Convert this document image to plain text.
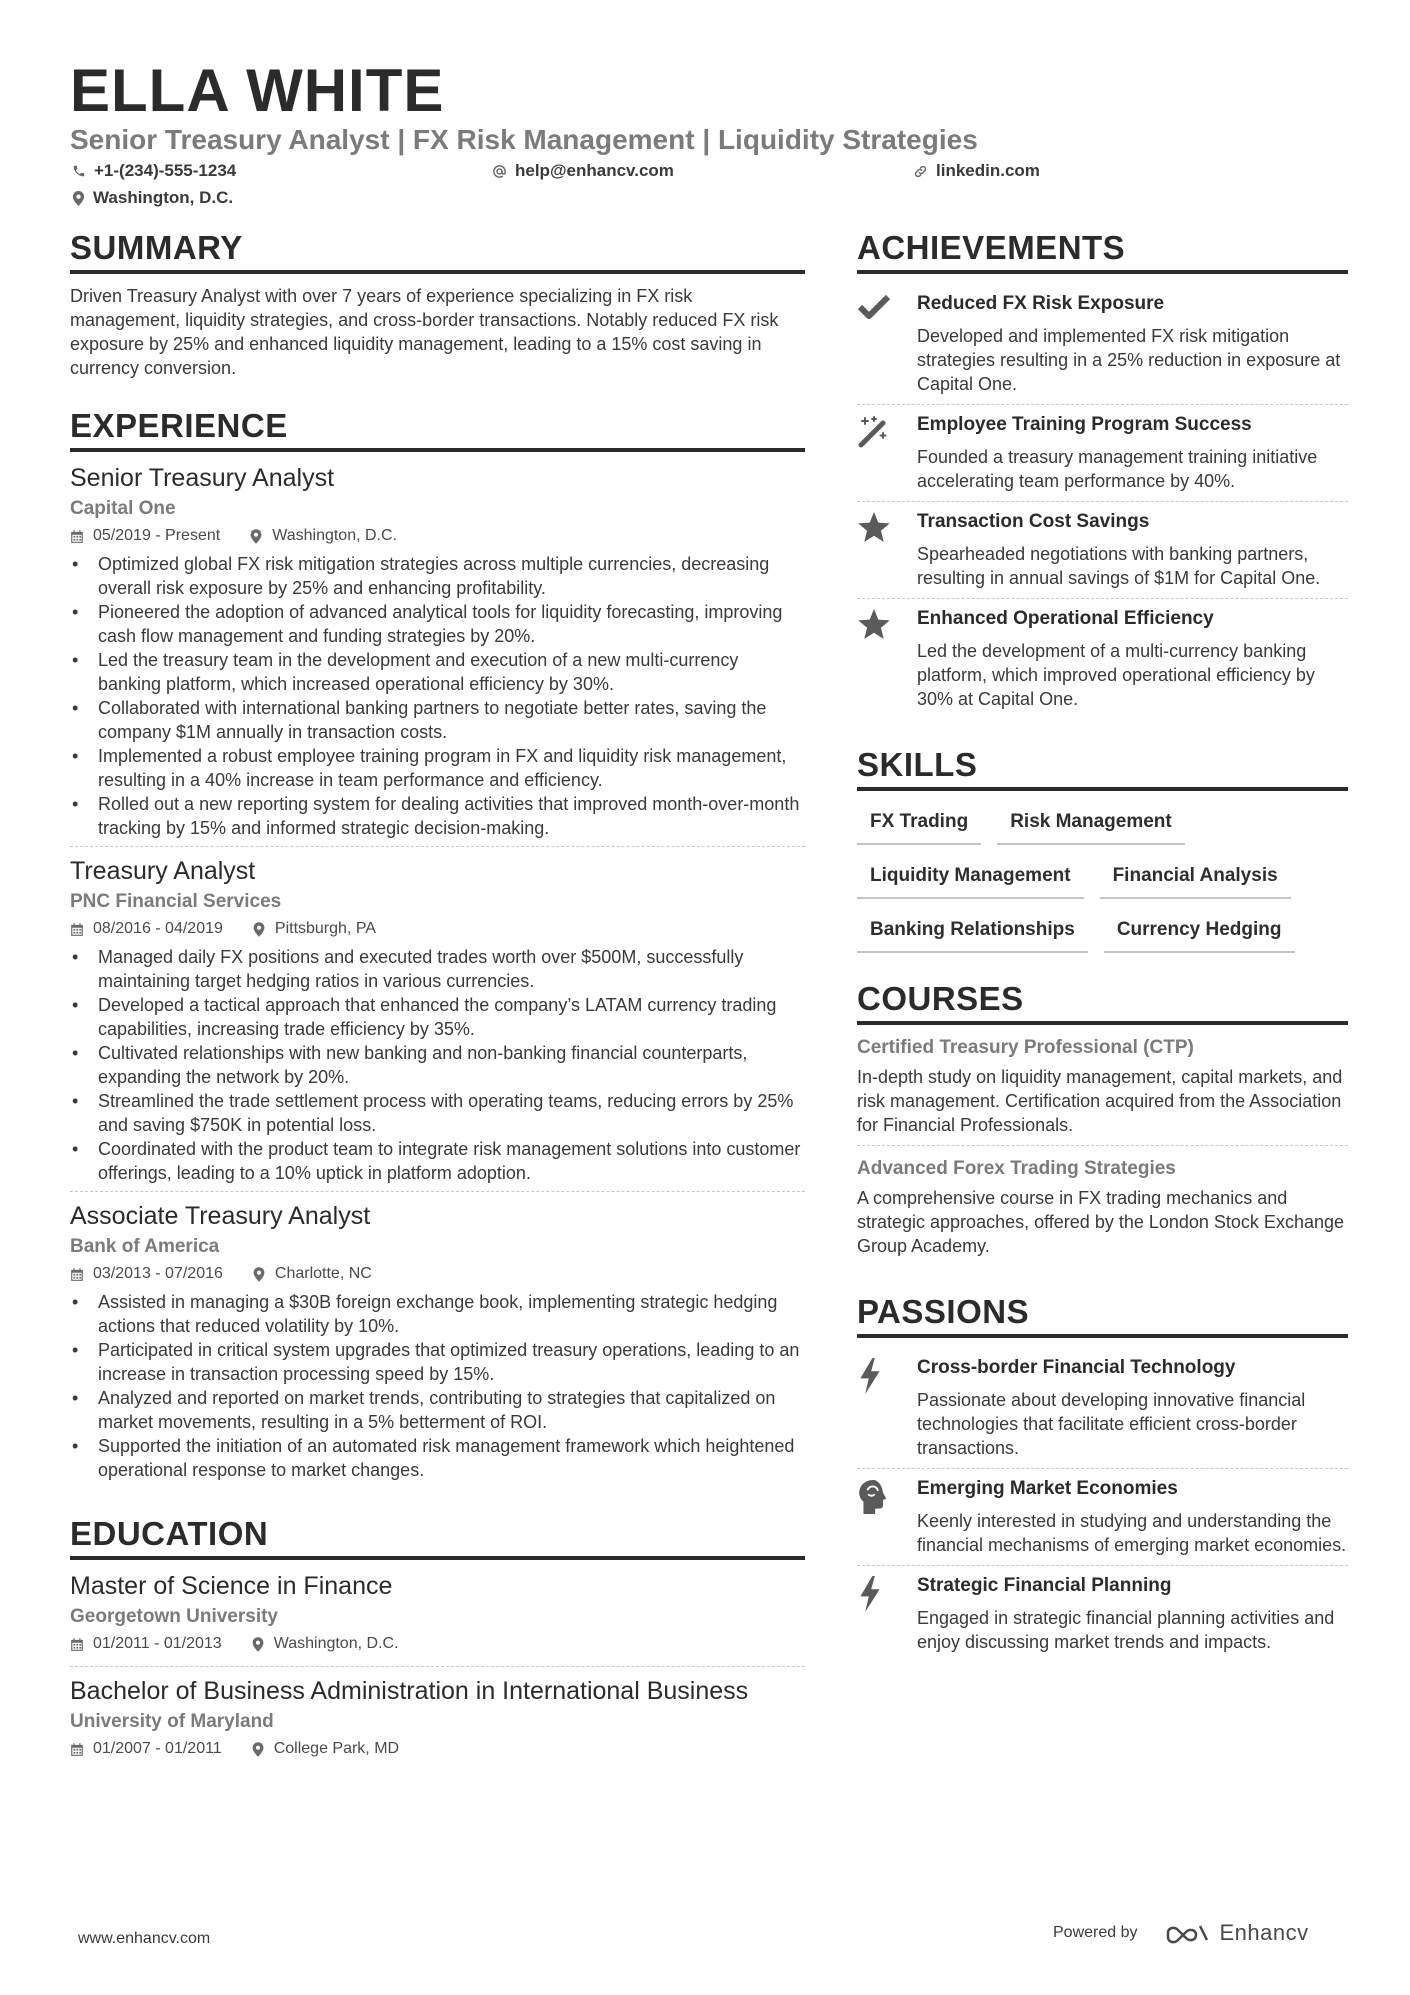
ELLA WHITE
Senior Treasury Analyst | FX Risk Management | Liquidity Strategies
+1-(234)-555-1234	help@enhancv.com	linkedin.com
Washington, D.C.
SUMMARY
Driven Treasury Analyst with over 7 years of experience specializing in FX risk management, liquidity strategies, and cross-border transactions. Notably reduced FX risk exposure by 25% and enhanced liquidity management, leading to a 15% cost saving in currency conversion.
EXPERIENCE
Senior Treasury Analyst
Capital One
05/2019 - Present	Washington, D.C.
• Optimized global FX risk mitigation strategies across multiple currencies, decreasing overall risk exposure by 25% and enhancing profitability.
• Pioneered the adoption of advanced analytical tools for liquidity forecasting, improving cash flow management and funding strategies by 20%.
• Led the treasury team in the development and execution of a new multi-currency banking platform, which increased operational efficiency by 30%.
• Collaborated with international banking partners to negotiate better rates, saving the company $1M annually in transaction costs.
• Implemented a robust employee training program in FX and liquidity risk management, resulting in a 40% increase in team performance and efficiency.
• Rolled out a new reporting system for dealing activities that improved month-over-month tracking by 15% and informed strategic decision-making.
Treasury Analyst
PNC Financial Services
08/2016 - 04/2019	Pittsburgh, PA
• Managed daily FX positions and executed trades worth over $500M, successfully maintaining target hedging ratios in various currencies.
• Developed a tactical approach that enhanced the company’s LATAM currency trading capabilities, increasing trade efficiency by 35%.
• Cultivated relationships with new banking and non-banking financial counterparts, expanding the network by 20%.
• Streamlined the trade settlement process with operating teams, reducing errors by 25% and saving $750K in potential loss.
• Coordinated with the product team to integrate risk management solutions into customer offerings, leading to a 10% uptick in platform adoption.
Associate Treasury Analyst
Bank of America
03/2013 - 07/2016	Charlotte, NC
• Assisted in managing a $30B foreign exchange book, implementing strategic hedging actions that reduced volatility by 10%.
• Participated in critical system upgrades that optimized treasury operations, leading to an increase in transaction processing speed by 15%.
• Analyzed and reported on market trends, contributing to strategies that capitalized on market movements, resulting in a 5% betterment of ROI.
• Supported the initiation of an automated risk management framework which heightened operational response to market changes.
EDUCATION
Master of Science in Finance
Georgetown University
01/2011 - 01/2013	Washington, D.C.
Bachelor of Business Administration in International Business
University of Maryland
01/2007 - 01/2011	College Park, MD
ACHIEVEMENTS
Reduced FX Risk Exposure
Developed and implemented FX risk mitigation strategies resulting in a 25% reduction in exposure at Capital One.
Employee Training Program Success
Founded a treasury management training initiative accelerating team performance by 40%.
Transaction Cost Savings
Spearheaded negotiations with banking partners, resulting in annual savings of $1M for Capital One.
Enhanced Operational Efficiency
Led the development of a multi-currency banking platform, which improved operational efficiency by 30% at Capital One.
SKILLS
FX Trading	Risk Management
Liquidity Management	Financial Analysis
Banking Relationships	Currency Hedging
COURSES
Certified Treasury Professional (CTP)
In-depth study on liquidity management, capital markets, and risk management. Certification acquired from the Association for Financial Professionals.
Advanced Forex Trading Strategies
A comprehensive course in FX trading mechanics and strategic approaches, offered by the London Stock Exchange Group Academy.
PASSIONS
Cross-border Financial Technology
Passionate about developing innovative financial technologies that facilitate efficient cross-border transactions.
Emerging Market Economies
Keenly interested in studying and understanding the financial mechanisms of emerging market economies.
Strategic Financial Planning
Engaged in strategic financial planning activities and enjoy discussing market trends and impacts.
www.enhancv.com	Powered by	Enhancv
